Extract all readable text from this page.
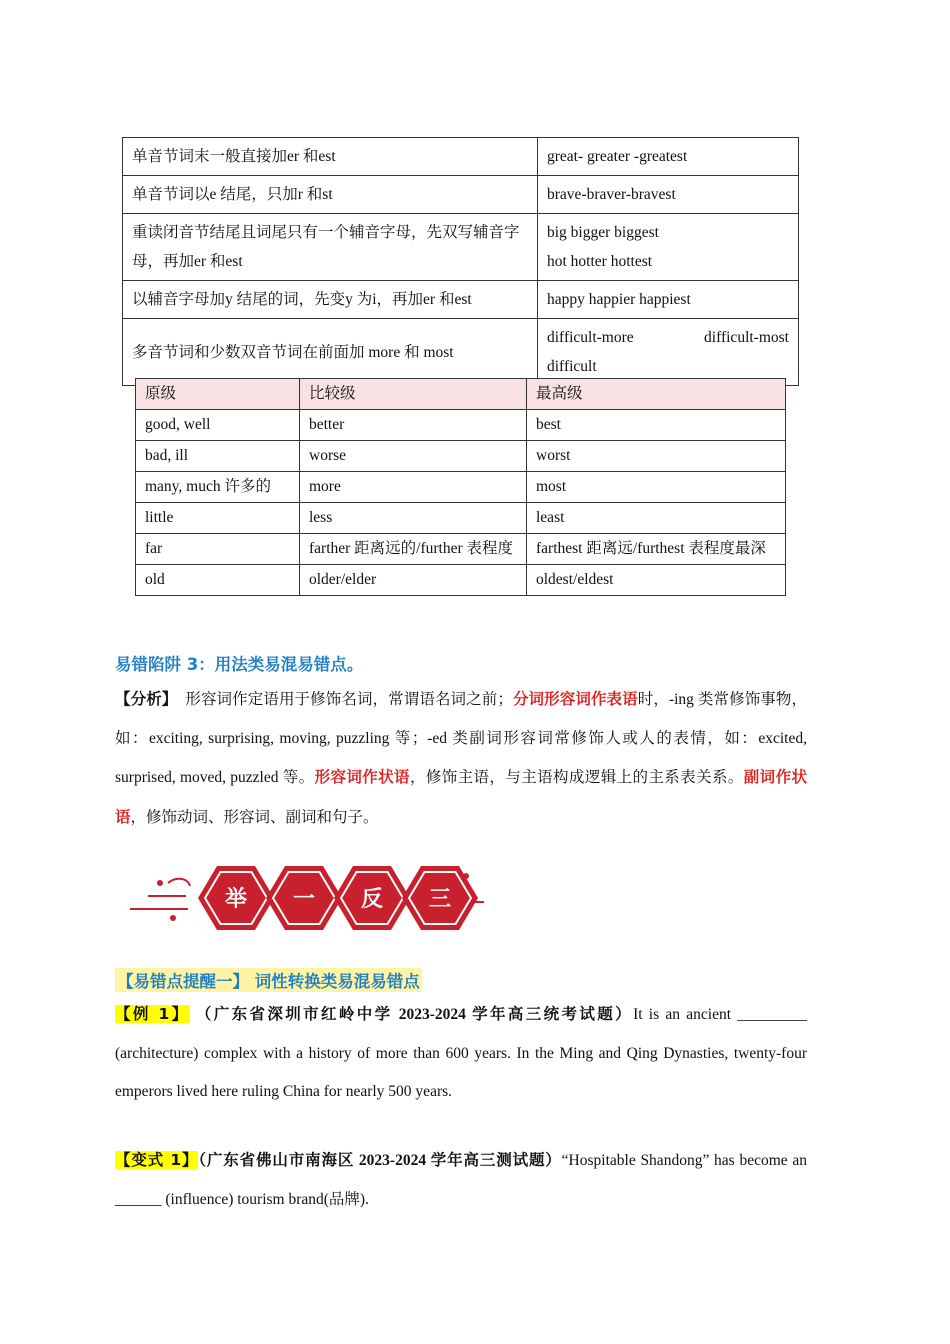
单音节词末一般直接加er 和est	great- greater -greatest
单音节词以e 结尾，只加r 和st	brave-braver-bravest
重读闭音节结尾且词尾只有一个辅音字母，先双写辅音字母，再加er 和est	big bigger biggest
hot hotter hottest

以辅音字母加y 结尾的词，先变y 为i，再加er 和est	happy happier happiest
多音节词和少数双音节词在前面加 more 和 most	difficult-more difficult-most
difficult
原级	比较级	最高级
good, well	better	best
bad, ill	worse	worst
many, much 许多的	more	most
little	less	least
far	farther 距离远的/further 表程度	farthest 距离远/furthest 表程度最深
old	older/elder	oldest/eldest
易错陷阱 3：用法类易混易错点。
【分析】 形容词作定语用于修饰名词，常谓语名词之前；分词形容词作表语时，-ing 类常修饰事物，如：exciting, surprising, moving, puzzling 等；-ed 类副词形容词常修饰人或人的表情，如：excited, surprised, moved, puzzled 等。形容词作状语，修饰主语，与主语构成逻辑上的主系表关系。副词作状语，修饰动词、形容词、副词和句子。
举 一 反 三
【易错点提醒一】 词性转换类易混易错点
【例 1】 （广东省深圳市红岭中学 2023-2024 学年高三统考试题）It is an ancient _________ (architecture) complex with a history of more than 600 years. In the Ming and Qing Dynasties, twenty-four emperors lived here ruling China for nearly 500 years.
【变式 1】（广东省佛山市南海区 2023-2024 学年高三测试题）“Hospitable Shandong” has become an ______ (influence) tourism brand(品牌).
